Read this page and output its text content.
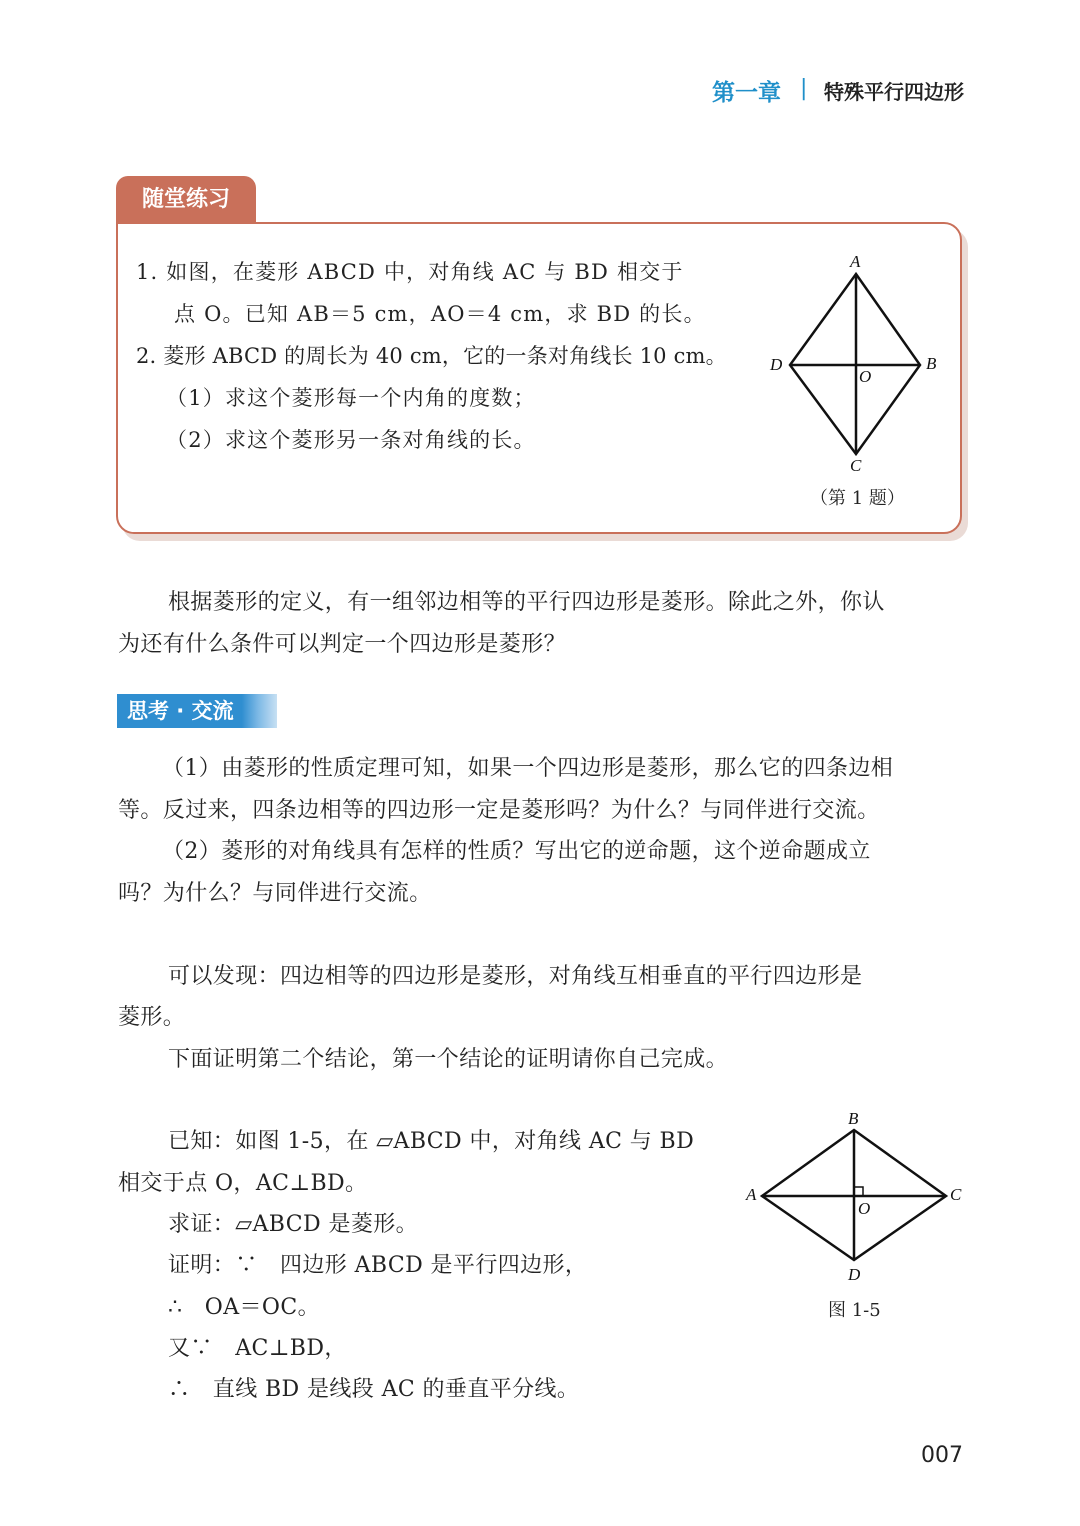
第一章 | 特殊平行四边形
随堂练习
1. 如图，在菱形 ABCD 中，对角线 AC 与 BD 相交于
点 O。已知 AB＝5 cm，AO＝4 cm，求 BD 的长。
2. 菱形 ABCD 的周长为 40 cm，它的一条对角线长 10 cm。
（1）求这个菱形每一个内角的度数；
（2）求这个菱形另一条对角线的长。
A
B
C
D
O
（第 1 题）
根据菱形的定义，有一组邻边相等的平行四边形是菱形。除此之外，你认
为还有什么条件可以判定一个四边形是菱形？
思考 · 交流
（1）由菱形的性质定理可知，如果一个四边形是菱形，那么它的四条边相
等。反过来，四条边相等的四边形一定是菱形吗？为什么？与同伴进行交流。
（2）菱形的对角线具有怎样的性质？写出它的逆命题，这个逆命题成立
吗？为什么？与同伴进行交流。
可以发现：四边相等的四边形是菱形，对角线互相垂直的平行四边形是
菱形。
下面证明第二个结论，第一个结论的证明请你自己完成。
已知：如图 1-5，在 ▱ABCD 中，对角线 AC 与 BD
相交于点 O，AC⊥BD。
求证：▱ABCD 是菱形。
证明：∵　四边形 ABCD 是平行四边形，
∴　OA＝OC。
又∵　AC⊥BD，
∴　直线 BD 是线段 AC 的垂直平分线。
B
A	C
D
O
图 1-5
007
